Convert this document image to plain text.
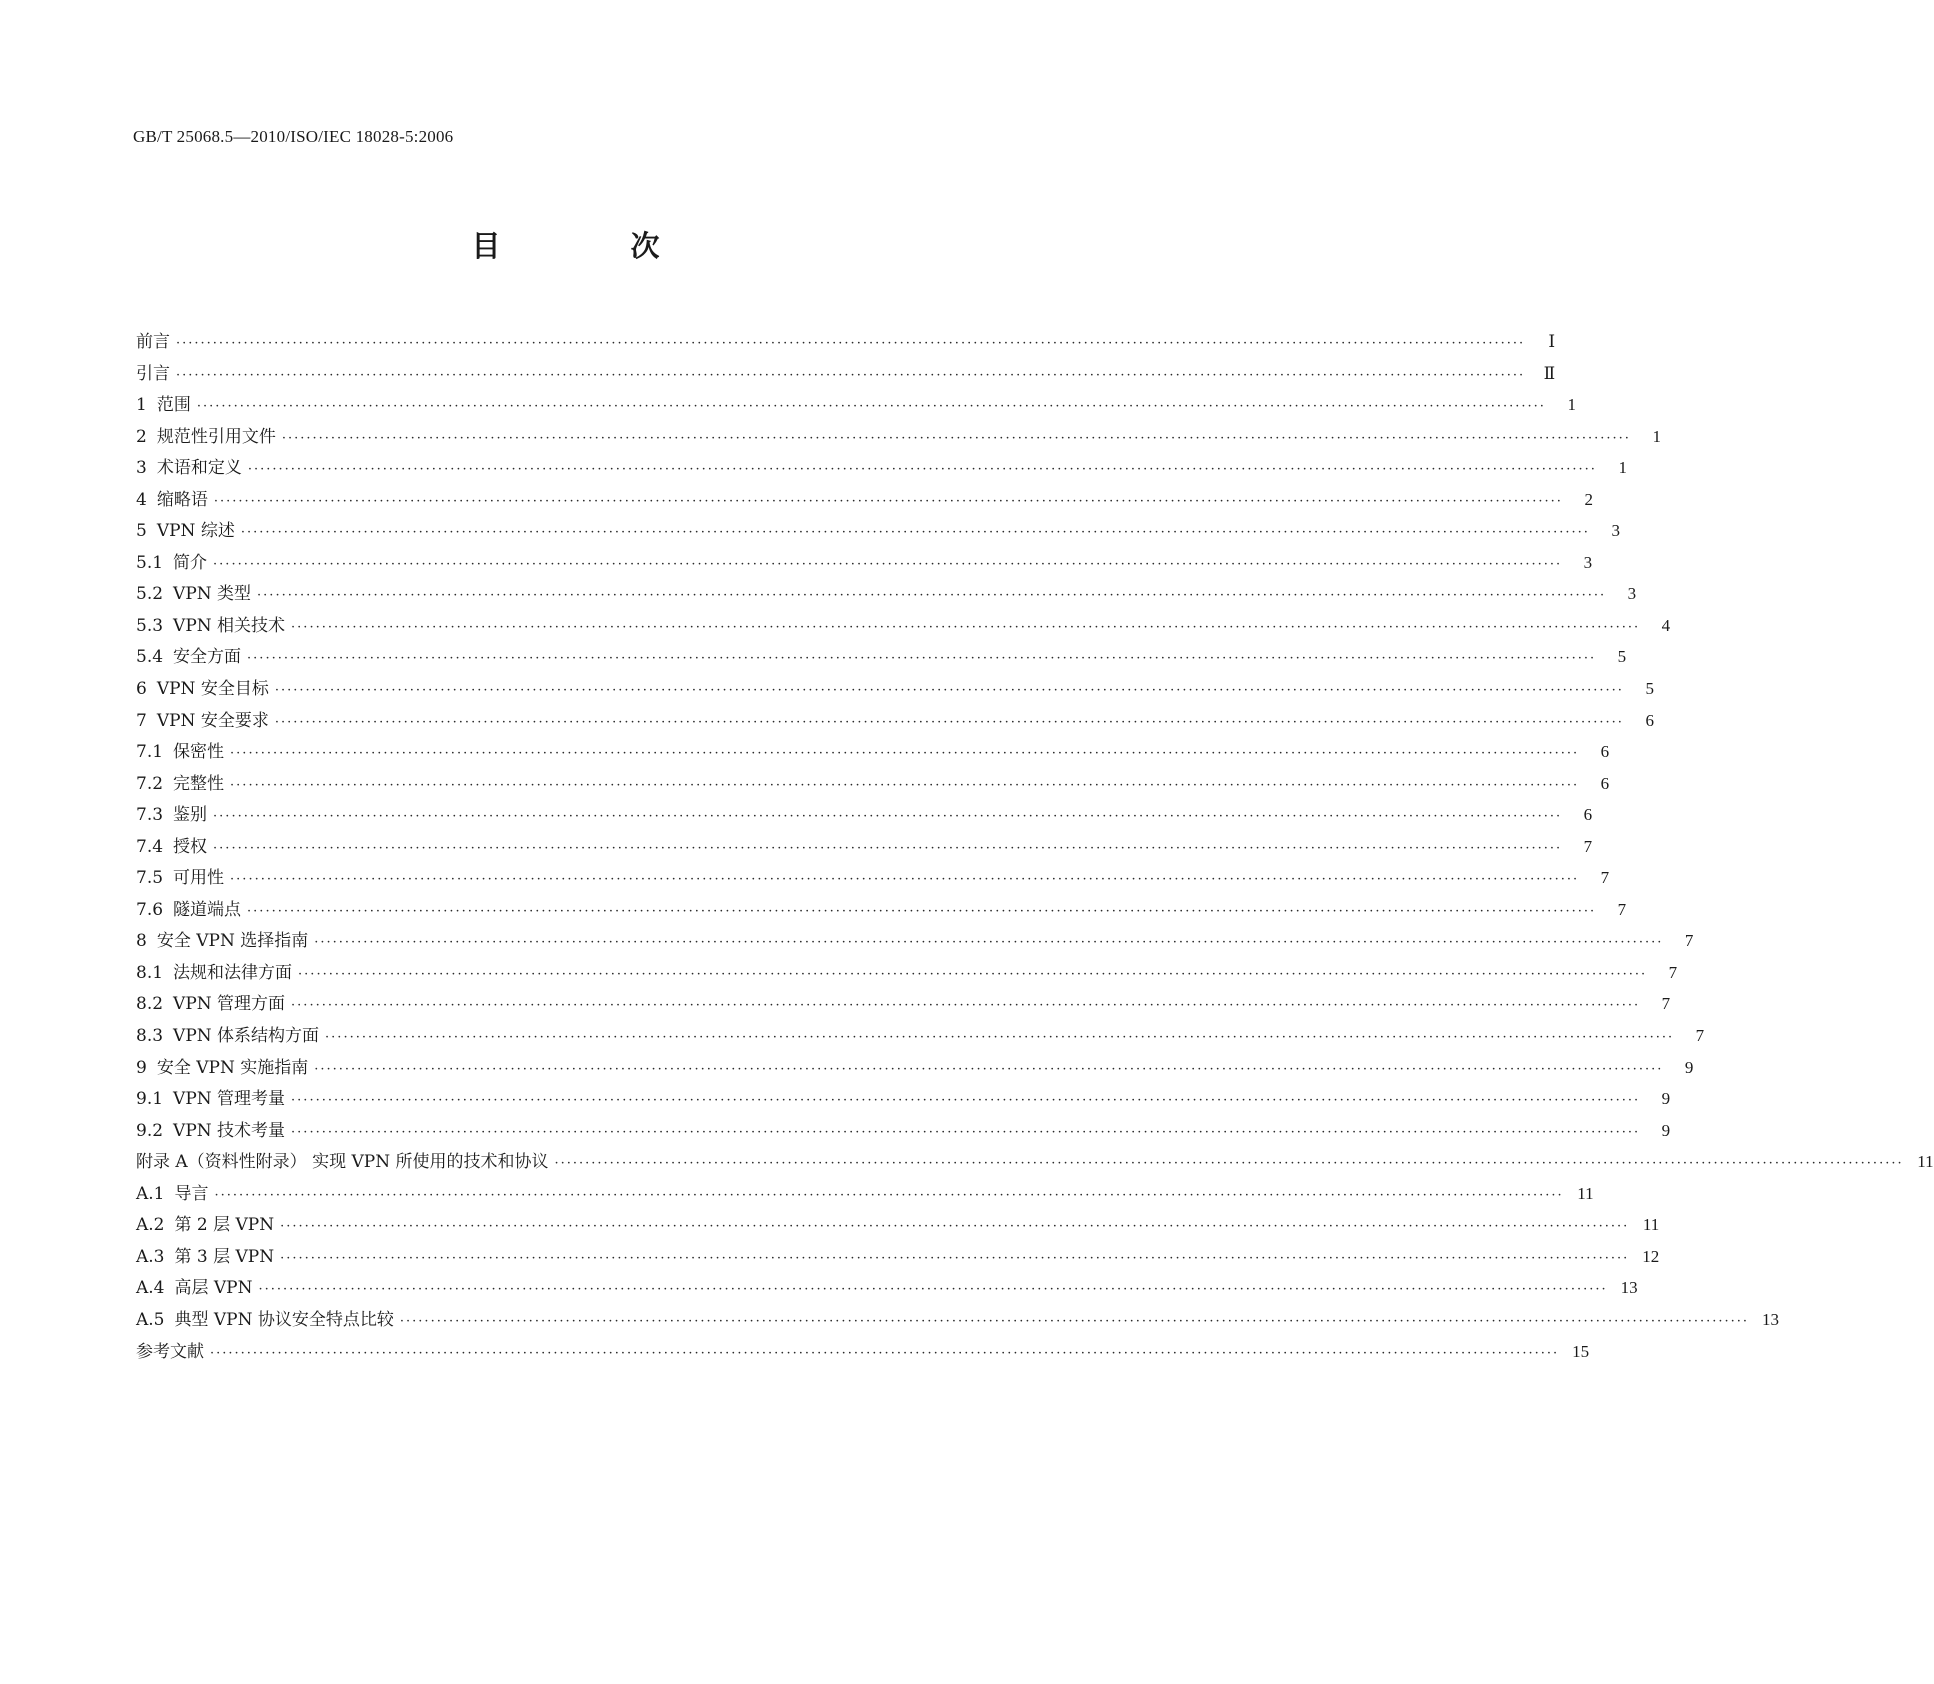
GB/T 25068.5—2010/ISO/IEC 18028-5:2006
目 次
前言 ····························································································································································································································	Ⅰ
引言 ····························································································································································································································	Ⅱ
1 范围 ····························································································································································································································	1
2 规范性引用文件 ····························································································································································································································	1
3 术语和定义 ····························································································································································································································	1
4 缩略语 ····························································································································································································································	2
5 VPN 综述 ····························································································································································································································	3
5.1 简介 ····························································································································································································································	3
5.2 VPN 类型 ····························································································································································································································	3
5.3 VPN 相关技术 ····························································································································································································································	4
5.4 安全方面 ····························································································································································································································	5
6 VPN 安全目标 ····························································································································································································································	5
7 VPN 安全要求 ····························································································································································································································	6
7.1 保密性 ····························································································································································································································	6
7.2 完整性 ····························································································································································································································	6
7.3 鉴别 ····························································································································································································································	6
7.4 授权 ····························································································································································································································	7
7.5 可用性 ····························································································································································································································	7
7.6 隧道端点 ····························································································································································································································	7
8 安全 VPN 选择指南 ····························································································································································································································	7
8.1 法规和法律方面 ····························································································································································································································	7
8.2 VPN 管理方面 ····························································································································································································································	7
8.3 VPN 体系结构方面 ····························································································································································································································	7
9 安全 VPN 实施指南 ····························································································································································································································	9
9.1 VPN 管理考量 ····························································································································································································································	9
9.2 VPN 技术考量 ····························································································································································································································	9
附录 A（资料性附录） 实现 VPN 所使用的技术和协议 ···························································································································································································································· 11
A.1 导言 ···························································································································································································································· 11
A.2 第 2 层 VPN ···························································································································································································································· 11
A.3 第 3 层 VPN ···························································································································································································································· 12
A.4 高层 VPN ···························································································································································································································· 13
A.5 典型 VPN 协议安全特点比较 ···························································································································································································································· 13
参考文献 ···························································································································································································································· 15
